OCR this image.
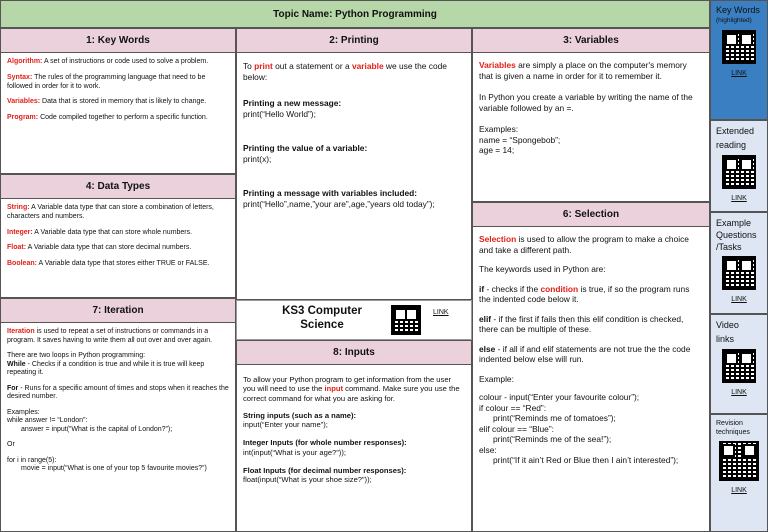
Topic Name: Python Programming
1: Key Words

Algorithm: A set of instructions or code used to solve a problem.

Syntax: The rules of the programming language that need to be followed in order for it to work.

Variables: Data that is stored in memory that is likely to change.

Program: Code compiled together to perform a specific function.

4: Data Types

String: A Variable data type that can store a combination of letters, characters and numbers.

Integer: A Variable data type that can store whole numbers.

Float: A Variable data type that can store decimal numbers.

Boolean: A Variable data type that stores either TRUE or FALSE.

7: Iteration

Iteration is used to repeat a set of instructions or commands in a program. It saves having to write them all out over and over again.

There are two loops in Python programming:

While - Checks if a condition is true and while it is true will keep repeating it.

For - Runs for a specific amount of times and stops when it reaches the desired number.

Examples:
while answer != “London”:

answer = input(“What is the capital of London?”);

Or

for i in range(5):
movie = input(“What is one of your top 5 favourite movies?”)
2: Printing

To print out a statement or a variable we use the code below:

Printing a new message:

print(“Hello World”);

Printing the value of a variable:

print(x);

Printing a message with variables included:
print(“Hello”,name,”your are”,age,”years old today”);
KS3 Computer
Science
LINK
8: Inputs

To allow your Python program to get information from the user you will need to use the input command. Make sure you use the correct command for what you are asking for.

String inputs (such as a name):

input(“Enter your name”);

Integer Inputs (for whole number responses):

int(input(“What is your age?”));

Float Inputs (for decimal number responses):
float(input(“What is your shoe size?”));
3: Variables

Variables are simply a place on the computer's memory that is given a name in order for it to remember it.

In Python you create a variable by writing the name of the variable followed by an =.

Examples:
name = “Spongebob”;
age = 14;
6: Selection

Selection is used to allow the program to make a choice and take a different path.

The keywords used in Python are:

if - checks if the condition is true, if so the program runs the indented code below it.

elif - if the first if fails then this elif condition is checked, there can be multiple of these.

else - if all if and elif statements are not true the the code indented below else will run.

Example:

colour - input(“Enter your favourite colour”);
if colour == “Red”:
print(“Reminds me of tomatoes”);
elif colour == “Blue”:
print(“Reminds me of the sea!”);
else:
print(“If it ain’t Red or Blue then I ain’t interested”);
Key Words
(highlighted)
LINK
Extended reading
LINK
Example Questions /Tasks
LINK
Video links
LINK
Revision techniques
LINK
